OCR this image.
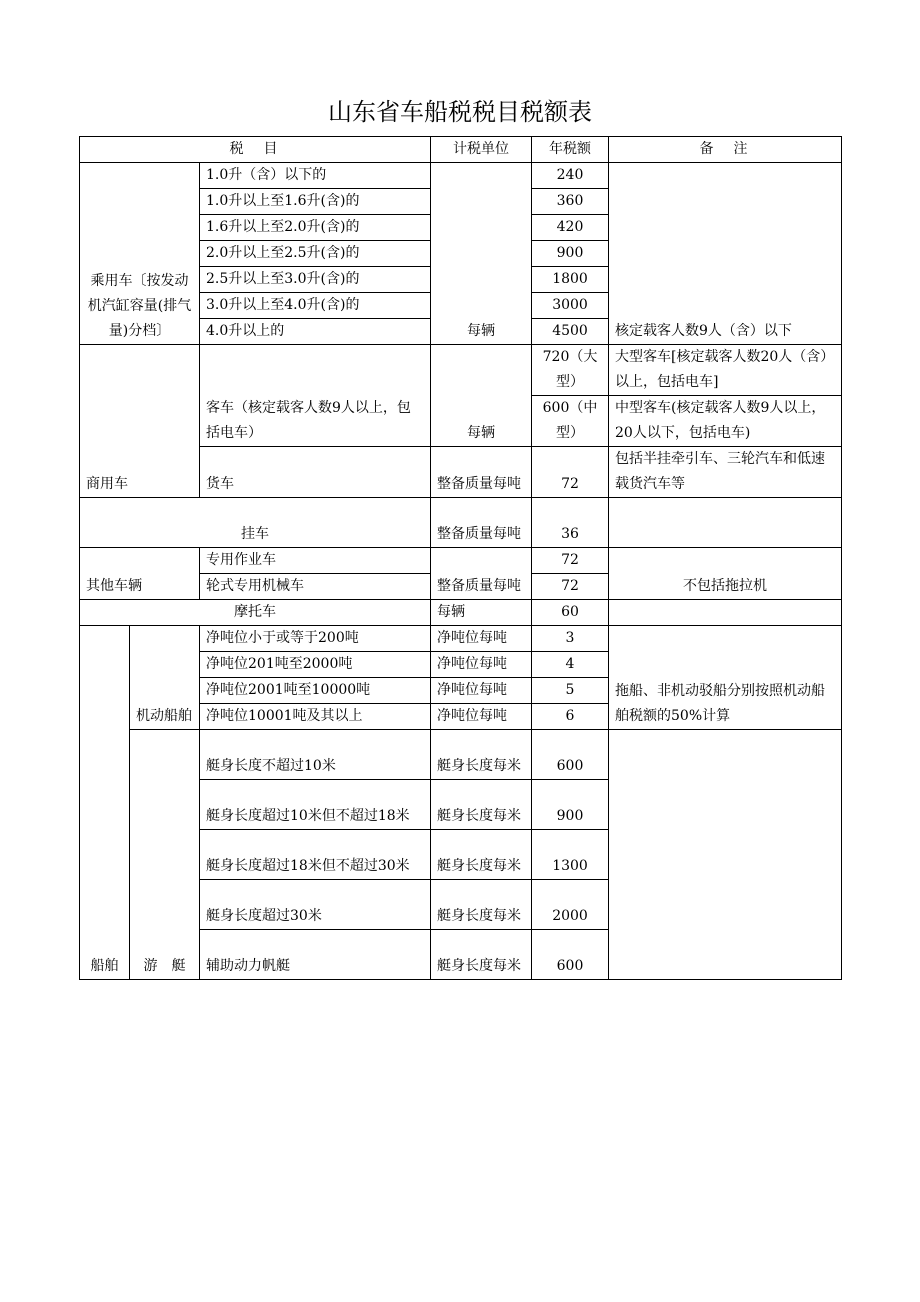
山东省车船税税目税额表
税　目			计税单位	年税额	备　注
乘用车〔按发动机汽缸容量(排气量)分档〕		1.0升（含）以下的	每辆	240	核定载客人数9人（含）以下
		1.0升以上至1.6升(含)的		360	
		1.6升以上至2.0升(含)的		420	
		2.0升以上至2.5升(含)的		900	
		2.5升以上至3.0升(含)的		1800	
		3.0升以上至4.0升(含)的		3000	
		4.0升以上的		4500	
商用车		客车（核定载客人数9人以上，包括电车）	每辆	720（大型）	大型客车[核定载客人数20人（含）以上，包括电车]
				600（中型）	中型客车(核定载客人数9人以上，20人以下，包括电车)
		货车	整备质量每吨	72	包括半挂牵引车、三轮汽车和低速载货汽车等
挂车			整备质量每吨	36	
其他车辆		专用作业车	整备质量每吨	72	不包括拖拉机
		轮式专用机械车		72	
摩托车			每辆	60	
船舶	机动船舶	净吨位小于或等于200吨	净吨位每吨	3	拖船、非机动驳船分别按照机动船舶税额的50%计算
		净吨位201吨至2000吨	净吨位每吨	4	
		净吨位2001吨至10000吨	净吨位每吨	5	
		净吨位10001吨及其以上	净吨位每吨	6	
	游　艇	艇身长度不超过10米	艇身长度每米	600	
		艇身长度超过10米但不超过18米	艇身长度每米	900	
		艇身长度超过18米但不超过30米	艇身长度每米	1300	
		艇身长度超过30米	艇身长度每米	2000	
		辅助动力帆艇	艇身长度每米	600	
